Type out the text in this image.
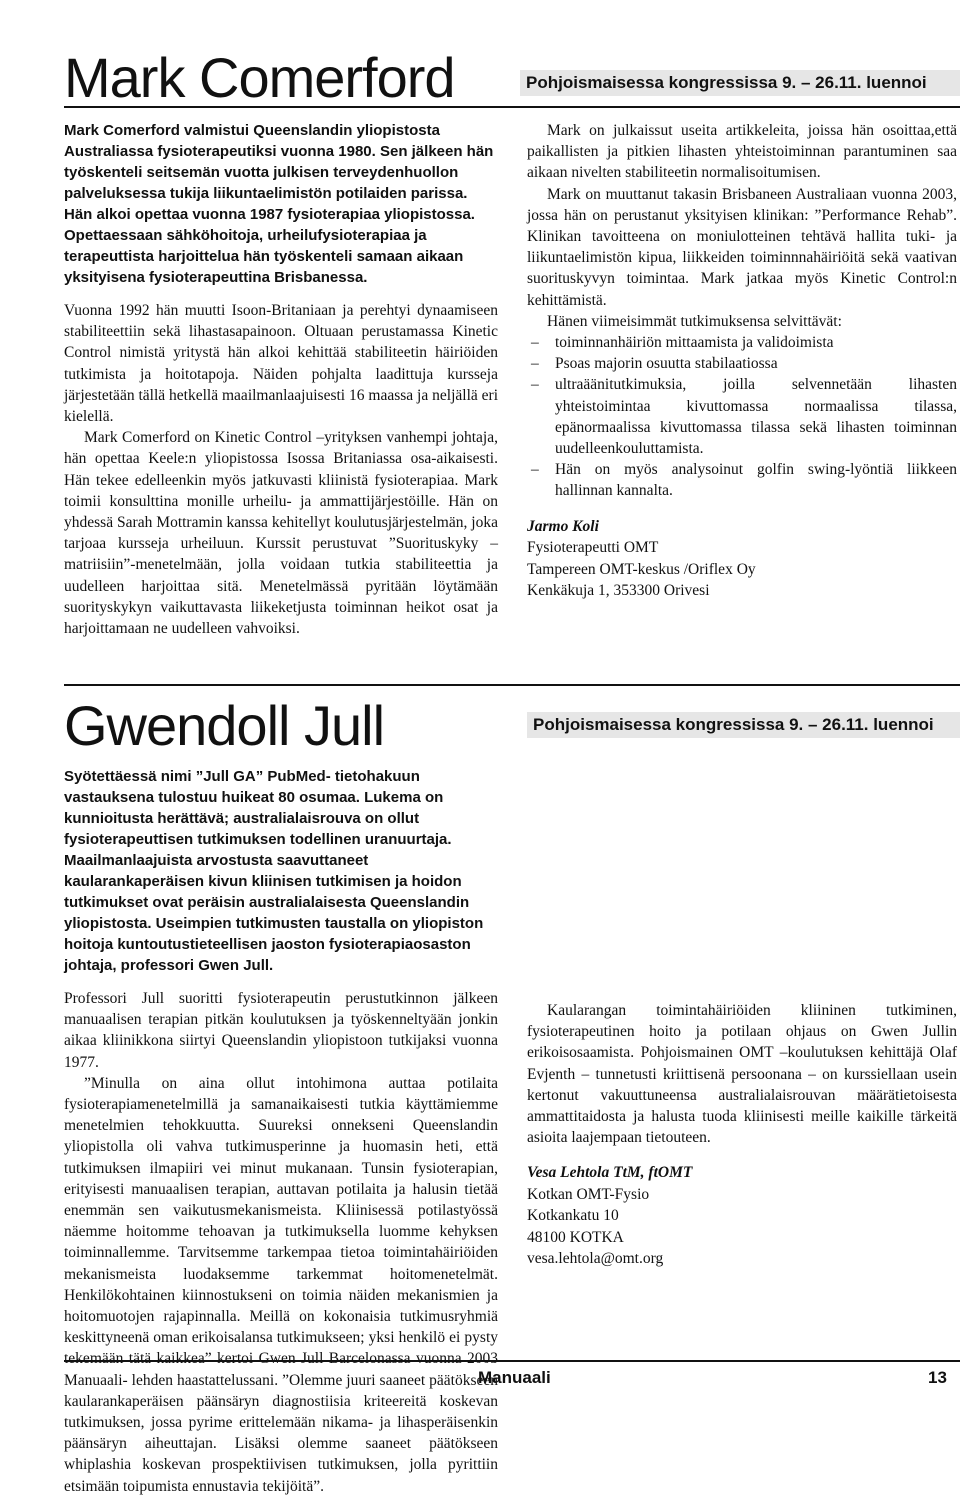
Mark Comerford	Pohjoismaisessa kongressissa 9. – 26.11. luennoi

Mark Comerford valmistui Queenslandin yliopistosta Australiassa fysioterapeutiksi vuonna 1980. Sen jälkeen hän työskenteli seitsemän vuotta julkisen terveydenhuollon palveluksessa tukija liikuntaelimistön potilaiden parissa. Hän alkoi opettaa vuonna 1987 fysioterapiaa yliopistossa.

Opettaessaan sähköhoitoja, urheilufysioterapiaa ja terapeuttista harjoittelua hän työskenteli samaan aikaan yksityisena fysioterapeuttina Brisbanessa.

Vuonna 1992 hän muutti Isoon-Britaniaan ja perehtyi dynaamiseen stabiliteettiin sekä lihastasapainoon. Oltuaan perustamassa Kinetic Control nimistä yritystä hän alkoi kehittää stabiliteetin häiriöiden tutkimista ja hoitotapoja. Näiden pohjalta laadittuja kursseja järjestetään tällä hetkellä maailmanlaajuisesti 16 maassa ja neljällä eri kielellä.

Mark Comerford on Kinetic Control –yrityksen vanhempi johtaja, hän opettaa Keele:n yliopistossa Isossa Britaniassa osa-aikaisesti. Hän tekee edelleenkin myös jatkuvasti kliinistä fysioterapiaa. Mark toimii konsulttina monille urheilu- ja ammattijärjestöille. Hän on yhdessä Sarah Mottramin kanssa kehitellyt koulutusjärjestelmän, joka tarjoaa kursseja urheiluun. Kurssit perustuvat ”Suorituskyky –matriisiin”-menetelmään, jolla voidaan tutkia stabiliteettia ja uudelleen harjoittaa sitä. Menetelmässä pyritään löytämään suorityskykyn vaikuttavasta liikeketjusta toiminnan heikot osat ja harjoittamaan ne uudelleen vahvoiksi.

Mark on julkaissut useita artikkeleita, joissa hän osoittaa,että paikallisten ja pitkien lihasten yhteistoiminnan parantuminen saa aikaan nivelten stabiliteetin normalisoitumisen.

Mark on muuttanut takasin Brisbaneen Australiaan vuonna 2003, jossa hän on perustanut yksityisen klinikan: ”Performance Rehab”. Klinikan tavoitteena on moniulotteinen tehtävä hallita tuki- ja liikuntaelimistön kipua, liikkeiden toiminnnahäiriöitä sekä vaativan suorituskyvyn toimintaa. Mark jatkaa myös Kinetic Control:n kehittämistä.

Hänen viimeisimmät tutkimuksensa selvittävät:

– toiminnanhäiriön mittaamista ja validoimista
– Psoas majorin osuutta stabilaatiossa
– ultraäänitutkimuksia, joilla selvennetään lihasten yhteistoimintaa kivuttomassa normaalissa tilassa, epänormaalissa kivuttomassa tilassa sekä lihasten toiminnan uudelleenkouluttamista.
– Hän on myös analysoinut golfin swing-lyöntiä liikkeen hallinnan kannalta.
Jarmo Koli
Fysioterapeutti OMT
Tampereen OMT-keskus /Oriflex Oy
Kenkäkuja 1, 353300 Orivesi
Gwendoll Jull	Pohjoismaisessa kongressissa 9. – 26.11. luennoi

Syötettäessä nimi ”Jull GA” PubMed- tietohakuun vastauksena tulostuu huikeat 80 osumaa. Lukema on kunnioitusta herättävä; australialaisrouva on ollut fysioterapeuttisen tutkimuksen todellinen uranuurtaja. Maailmanlaajuista arvostusta saavuttaneet kaularankaperäisen kivun kliinisen tutkimisen ja hoidon tutkimukset ovat peräisin australialaisesta Queenslandin yliopistosta. Useimpien tutkimusten taustalla on yliopiston hoitoja kuntoutustieteellisen jaoston fysioterapiaosaston johtaja, professori Gwen Jull.

Professori Jull suoritti fysioterapeutin perustutkinnon jälkeen manuaalisen terapian pitkän koulutuksen ja työskenneltyään jonkin aikaa kliinikkona siirtyi Queenslandin yliopistoon tutkijaksi vuonna 1977.

”Minulla on aina ollut intohimona auttaa potilaita fysioterapiamenetelmillä ja samanaikaisesti tutkia käyttämiemme menetelmien tehokkuutta. Suureksi onnekseni Queenslandin yliopistolla oli vahva tutkimusperinne ja huomasin heti, että tutkimuksen ilmapiiri vei minut mukanaan. Tunsin fysioterapian, erityisesti manuaalisen terapian, auttavan potilaita ja halusin tietää enemmän sen vaikutusmekanismeista. Kliinisessä potilastyössä näemme hoitomme tehoavan ja tutkimuksella luomme kehyksen toiminnallemme. Tarvitsemme tarkempaa tietoa toimintahäiriöiden mekanismeista luodaksemme tarkemmat hoitomenetelmät. Henkilökohtainen kiinnostukseni on toimia näiden mekanismien ja hoitomuotojen rajapinnalla. Meillä on kokonaisia tutkimusryhmiä keskittyneenä oman erikoisalansa tutkimukseen; yksi henkilö ei pysty tekemään tätä kaikkea” kertoi Gwen Jull Barcelonassa vuonna 2003 Manuaali- lehden haastattelussani. ”Olemme juuri saaneet päätökseen kaularankaperäisen päänsäryn diagnostiisia kriteereitä koskevan tutkimuksen, jossa pyrime erittelemään nikama- ja lihasperäisenkin päänsäryn aiheuttajan. Lisäksi olemme saaneet päätökseen whiplashia koskevan prospektiivisen tutkimuksen, jolla pyrittiin etsimään toipumista ennustavia tekijöitä”.

Kaularangan toimintahäiriöiden kliininen tutkiminen, fysioterapeutinen hoito ja potilaan ohjaus on Gwen Jullin erikoisosaamista. Pohjoismainen OMT –koulutuksen kehittäjä Olaf Evjenth – tunnetusti kriittisenä persoonana – on kurssiellaan usein kertonut vakuuttuneensa australialaisrouvan määrätietoisesta ammattitaidosta ja halusta tuoda kliinisesti meille kaikille tärkeitä asioita laajempaan tietouteen.

Vesa Lehtola TtM, ftOMT
Kotkan OMT-Fysio
Kotkankatu 10
48100 KOTKA
vesa.lehtola@omt.org
Manuaali	13
